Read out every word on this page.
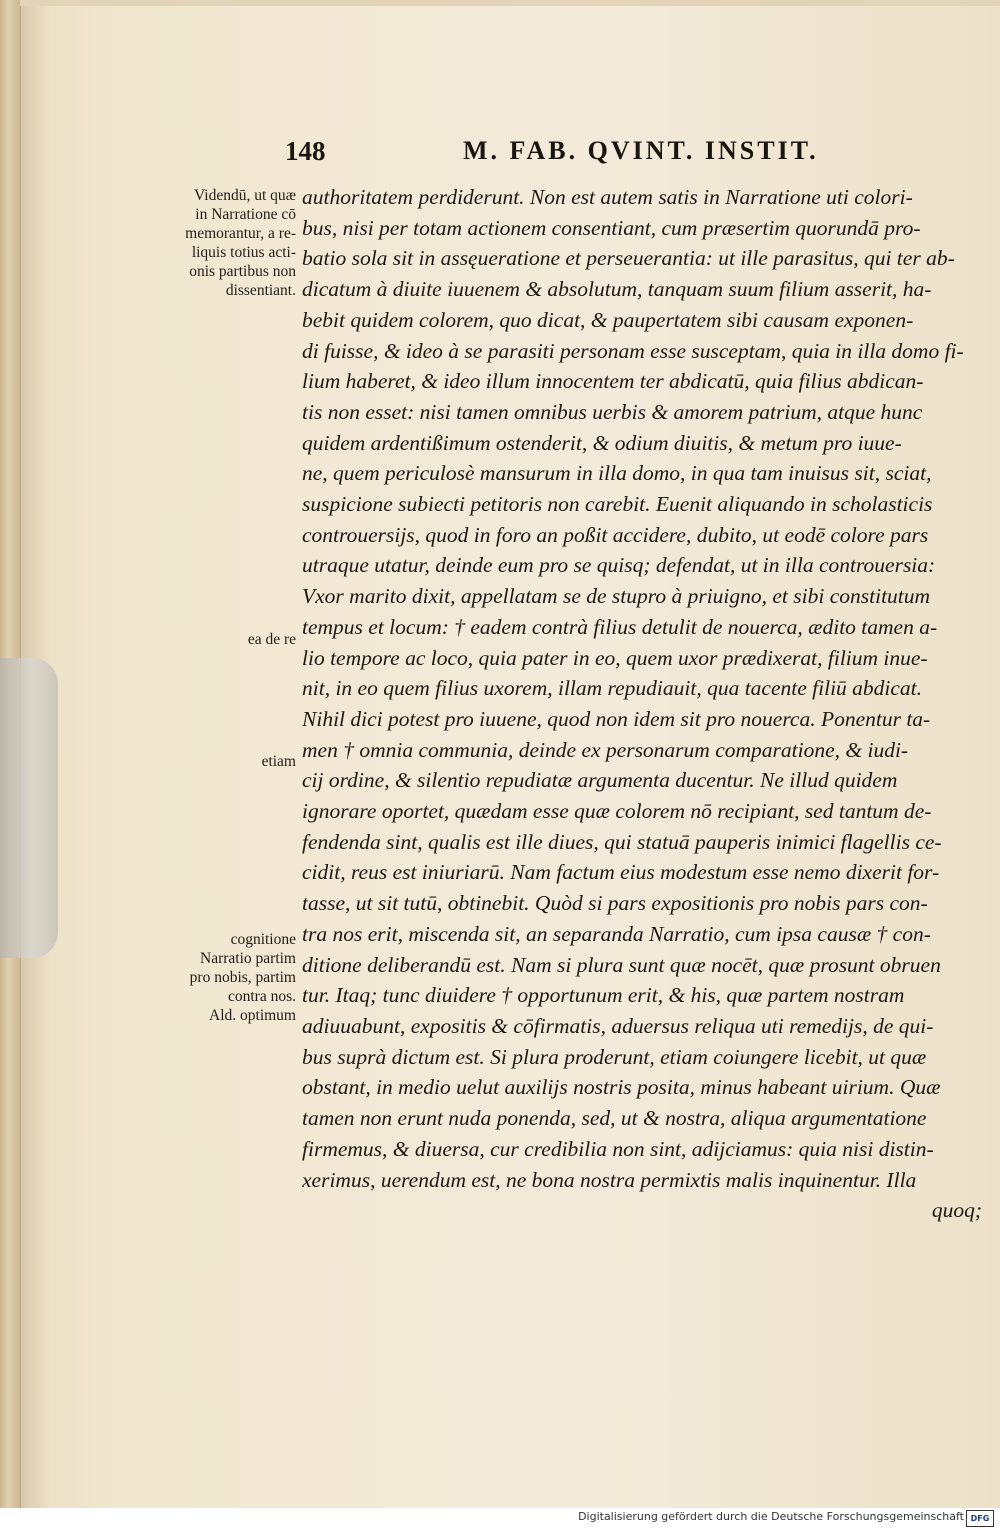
148	M. FAB. QVINT. INSTIT.
Videndū, ut quæ
in Narratione cō
memorantur, a re-
liquis totius acti-
onis partibus non
dissentiant.
ea de re
etiam
cognitione
Narratio partim
pro nobis, partim
contra nos.
Ald. optimum
authoritatem perdiderunt. Non est autem satis in Narratione uti colori-
bus, nisi per totam actionem consentiant, cum præsertim quorundā pro-
batio sola sit in assęueratione et perseuerantia: ut ille parasitus, qui ter ab-
dicatum à diuite iuuenem & absolutum, tanquam suum filium asserit, ha-
bebit quidem colorem, quo dicat, & paupertatem sibi causam exponen-
di fuisse, & ideo à se parasiti personam esse susceptam, quia in illa domo fi-
lium haberet, & ideo illum innocentem ter abdicatū, quia filius abdican-
tis non esset: nisi tamen omnibus uerbis & amorem patrium, atque hunc
quidem ardentißimum ostenderit, & odium diuitis, & metum pro iuue-
ne, quem periculosè mansurum in illa domo, in qua tam inuisus sit, sciat,
suspicione subiecti petitoris non carebit. Euenit aliquando in scholasticis
controuersijs, quod in foro an poßit accidere, dubito, ut eodē colore pars
utraque utatur, deinde eum pro se quisq; defendat, ut in illa controuersia:
Vxor marito dixit, appellatam se de stupro à priuigno, et sibi constitutum
tempus et locum: † eadem contrà filius detulit de nouerca, ædito tamen a-
lio tempore ac loco, quia pater in eo, quem uxor prædixerat, filium inue-
nit, in eo quem filius uxorem, illam repudiauit, qua tacente filiū abdicat.
Nihil dici potest pro iuuene, quod non idem sit pro nouerca. Ponentur ta-
men † omnia communia, deinde ex personarum comparatione, & iudi-
cij ordine, & silentio repudiatæ argumenta ducentur. Ne illud quidem
ignorare oportet, quædam esse quæ colorem nō recipiant, sed tantum de-
fendenda sint, qualis est ille diues, qui statuā pauperis inimici flagellis ce-
cidit, reus est iniuriarū. Nam factum eius modestum esse nemo dixerit for-
tasse, ut sit tutū, obtinebit. Quòd si pars expositionis pro nobis pars con-
tra nos erit, miscenda sit, an separanda Narratio, cum ipsa causæ † con-
ditione deliberandū est. Nam si plura sunt quæ nocēt, quæ prosunt obruen
tur. Itaq; tunc diuidere † opportunum erit, & his, quæ partem nostram
adiuuabunt, expositis & cōfirmatis, aduersus reliqua uti remedijs, de qui-
bus suprà dictum est. Si plura proderunt, etiam coiungere licebit, ut quæ
obstant, in medio uelut auxilijs nostris posita, minus habeant uirium. Quæ
tamen non erunt nuda ponenda, sed, ut & nostra, aliqua argumentatione
firmemus, & diuersa, cur credibilia non sint, adijciamus: quia nisi distin-
xerimus, uerendum est, ne bona nostra permixtis malis inquinentur. Illa
quoq;
Digitalisierung gefördert durch die Deutsche Forschungsgemeinschaft DFG
